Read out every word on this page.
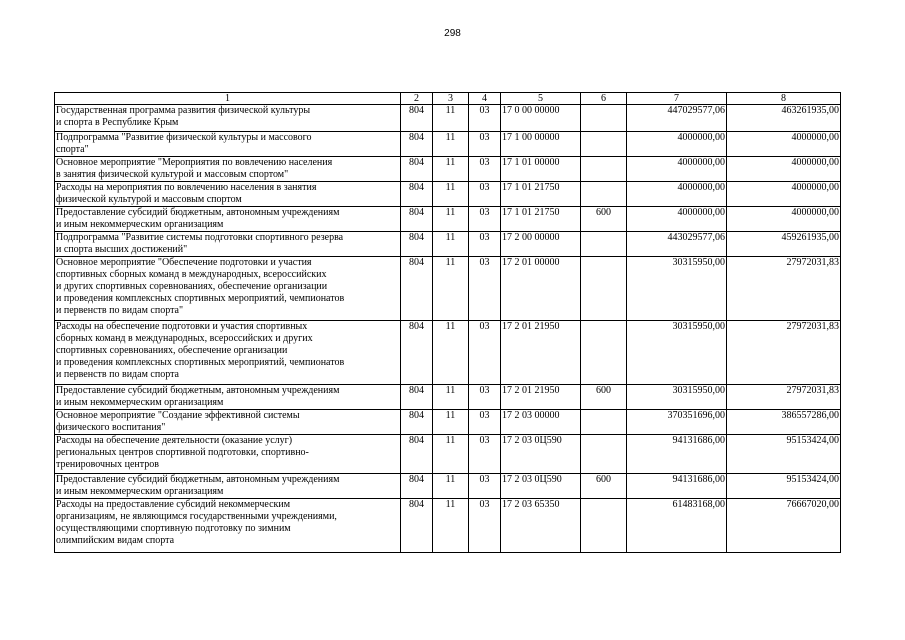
298
1	2	3	4	5	6	7	8

Государственная программа развития физической культуры
и спорта в Республике Крым	804	11	03	17 0 00 00000		447029577,06	463261935,00

Подпрограмма "Развитие физической культуры и массового
спорта"	804	11	03	17 1 00 00000		4000000,00	4000000,00

Основное мероприятие "Мероприятия по вовлечению населения
в занятия физической культурой и массовым спортом"	804	11	03	17 1 01 00000		4000000,00	4000000,00

Расходы на мероприятия по вовлечению населения в занятия
физической культурой и массовым спортом	804	11	03	17 1 01 21750		4000000,00	4000000,00

Предоставление субсидий бюджетным, автономным учреждениям
и иным некоммерческим организациям	804	11	03	17 1 01 21750	600	4000000,00	4000000,00

Подпрограмма "Развитие системы подготовки спортивного резерва
и спорта высших достижений"	804	11	03	17 2 00 00000		443029577,06	459261935,00

Основное мероприятие "Обеспечение подготовки и участия
спортивных сборных команд в международных, всероссийских
и других спортивных соревнованиях, обеспечение организации
и проведения комплексных спортивных мероприятий, чемпионатов
и первенств по видам спорта"	804	11	03	17 2 01 00000		30315950,00	27972031,83

Расходы на обеспечение подготовки и участия спортивных
сборных команд в международных, всероссийских и других
спортивных соревнованиях, обеспечение организации
и проведения комплексных спортивных мероприятий, чемпионатов
и первенств по видам спорта	804	11	03	17 2 01 21950		30315950,00	27972031,83

Предоставление субсидий бюджетным, автономным учреждениям
и иным некоммерческим организациям	804	11	03	17 2 01 21950	600	30315950,00	27972031,83

Основное мероприятие "Создание эффективной системы
физического воспитания"	804	11	03	17 2 03 00000		370351696,00	386557286,00

Расходы на обеспечение деятельности (оказание услуг)
региональных центров спортивной подготовки, спортивно-
тренировочных центров	804	11	03	17 2 03 0Ц590		94131686,00	95153424,00

Предоставление субсидий бюджетным, автономным учреждениям
и иным некоммерческим организациям	804	11	03	17 2 03 0Ц590	600	94131686,00	95153424,00

Расходы на предоставление субсидий некоммерческим
организациям, не являющимся государственными учреждениями,
осуществляющими спортивную подготовку по зимним
олимпийским видам спорта	804	11	03	17 2 03 65350		61483168,00	76667020,00
